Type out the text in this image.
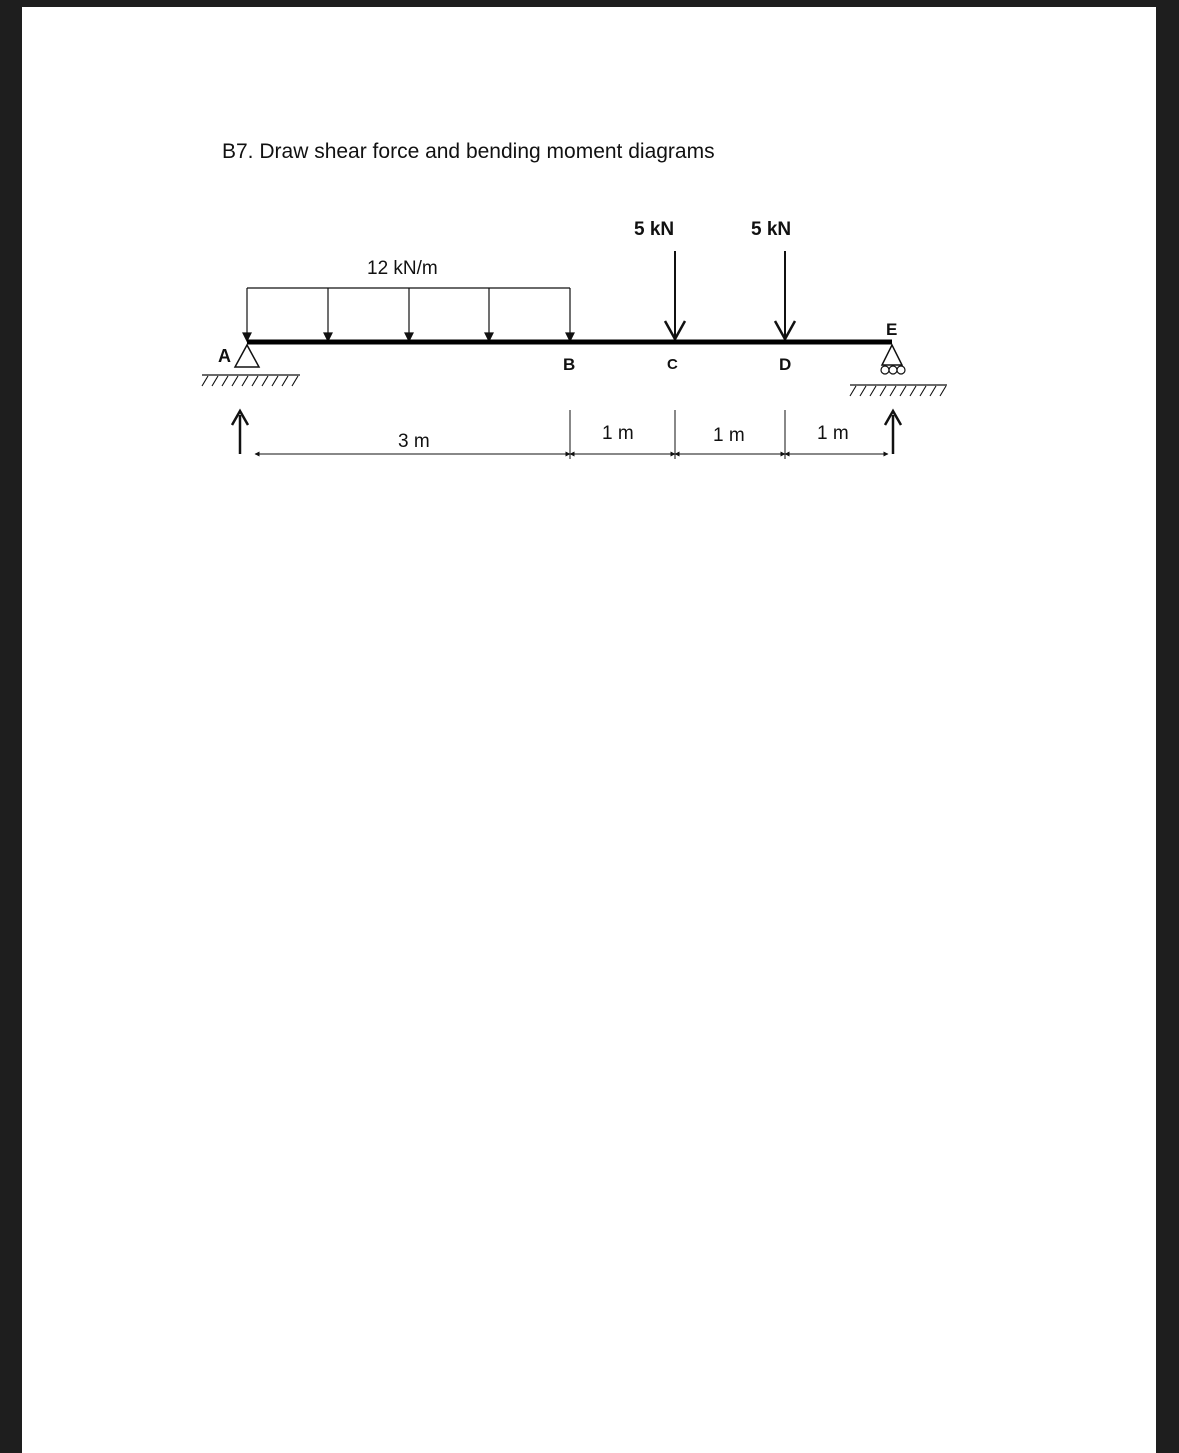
B7. Draw shear force and bending moment diagrams
12 kN/m
5 kN	5 kN
A
E
B	C	D
3 m	1 m	1 m	1 m
